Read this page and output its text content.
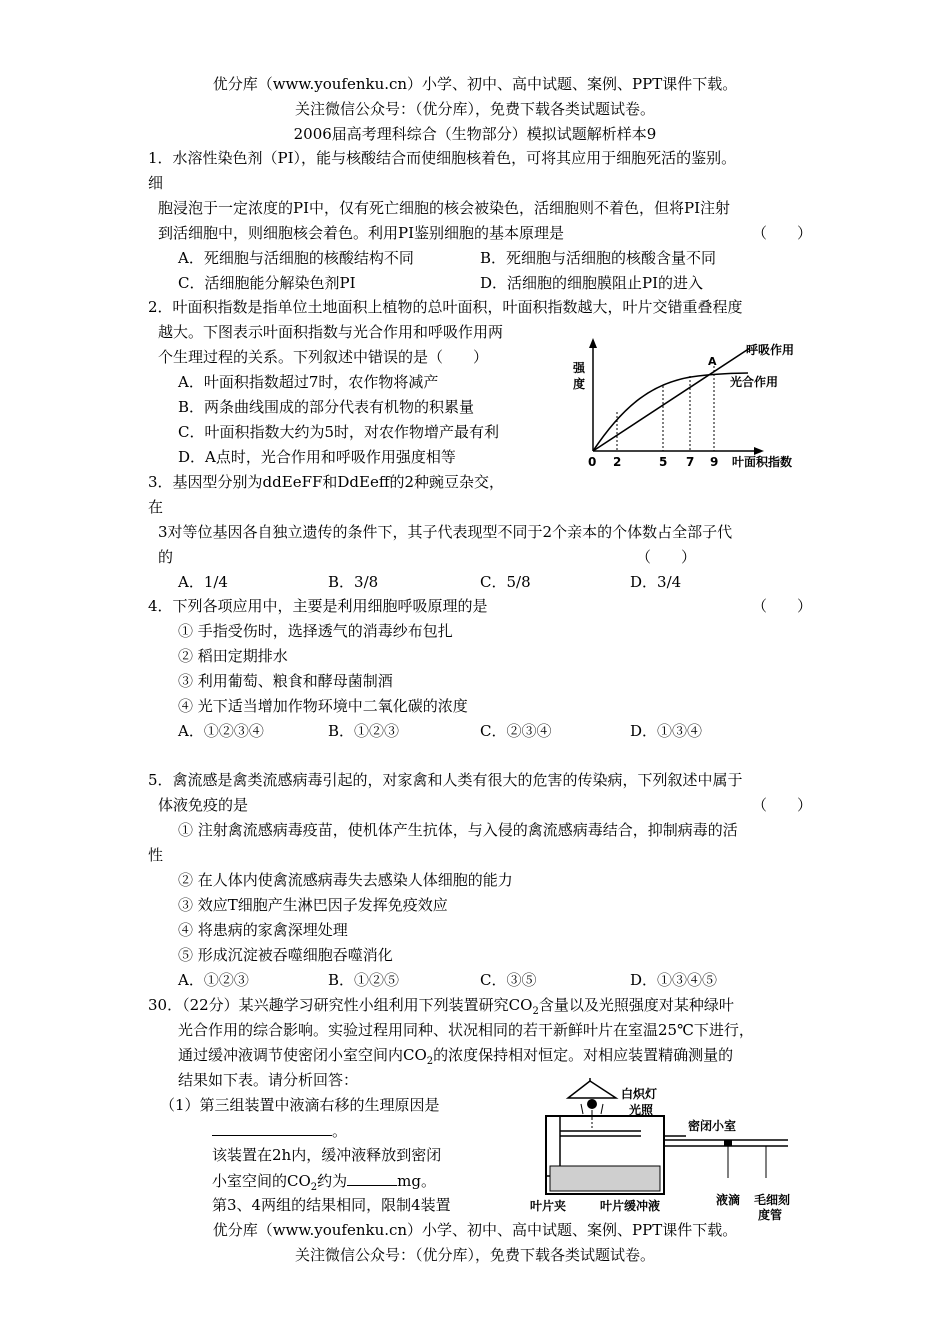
优分库（www.youfenku.cn）小学、初中、高中试题、案例、PPT课件下载。
关注微信公众号：（优分库），免费下载各类试题试卷。
2006届高考理科综合（生物部分）模拟试题解析样本9
1．水溶性染色剂（PI），能与核酸结合而使细胞核着色，可将其应用于细胞死活的鉴别。
细
胞浸泡于一定浓度的PI中，仅有死亡细胞的核会被染色，活细胞则不着色，但将PI注射
到活细胞中，则细胞核会着色。利用PI鉴别细胞的基本原理是	（　　）
A．死细胞与活细胞的核酸结构不同	B．死细胞与活细胞的核酸含量不同
C．活细胞能分解染色剂PI	D．活细胞的细胞膜阻止PI的进入
2．叶面积指数是指单位土地面积上植物的总叶面积，叶面积指数越大，叶片交错重叠程度
越大。下图表示叶面积指数与光合作用和呼吸作用两
个生理过程的关系。下列叙述中错误的是（　　）
A．叶面积指数超过7时，农作物将减产
B．两条曲线围成的部分代表有机物的积累量
C．叶面积指数大约为5时，对农作物增产最有利
D．A点时，光合作用和呼吸作用强度相等
强
度
0 2	5 7 9 叶面积指数
A
呼吸作用
光合作用
3．基因型分别为ddEeFF和DdEeff的2种豌豆杂交，
在
3对等位基因各自独立遗传的条件下，其子代表现型不同于2个亲本的个体数占全部子代
的	（　　）
A．1/4	B．3/8	C．5/8	D．3/4
4．下列各项应用中，主要是利用细胞呼吸原理的是	（　　）
① 手指受伤时，选择透气的消毒纱布包扎
② 稻田定期排水
③ 利用葡萄、粮食和酵母菌制酒
④ 光下适当增加作物环境中二氧化碳的浓度
A．①②③④	B．①②③	C．②③④	D．①③④
5．禽流感是禽类流感病毒引起的，对家禽和人类有很大的危害的传染病，下列叙述中属于
体液免疫的是	（　　）
① 注射禽流感病毒疫苗，使机体产生抗体，与入侵的禽流感病毒结合，抑制病毒的活
性
② 在人体内使禽流感病毒失去感染人体细胞的能力
③ 效应T细胞产生淋巴因子发挥免疫效应
④ 将患病的家禽深埋处理
⑤ 形成沉淀被吞噬细胞吞噬消化
A．①②③	B．①②⑤	C．③⑤	D．①③④⑤
30．（22分）某兴趣学习研究性小组利用下列装置研究$CO_2$含量以及光照强度对某种绿叶
光合作用的综合影响。实验过程用同种、状况相同的若干新鲜叶片在室温25℃下进行，
通过缓冲液调节使密闭小室空间内$CO_2$的浓度保持相对恒定。对相应装置精确测量的
结果如下表。请分析回答：
（1）第三组装置中液滴右移的生理原因是
。
该装置在2h内，缓冲液释放到密闭
小室空间的$CO_2$约为	mg。
第3、4两组的结果相同，限制4装置
白炽灯
光照
密闭小室
叶片夹	叶片缓冲液	液滴 毛细刻
度管
优分库（www.youfenku.cn）小学、初中、高中试题、案例、PPT课件下载。
关注微信公众号：（优分库），免费下载各类试题试卷。
